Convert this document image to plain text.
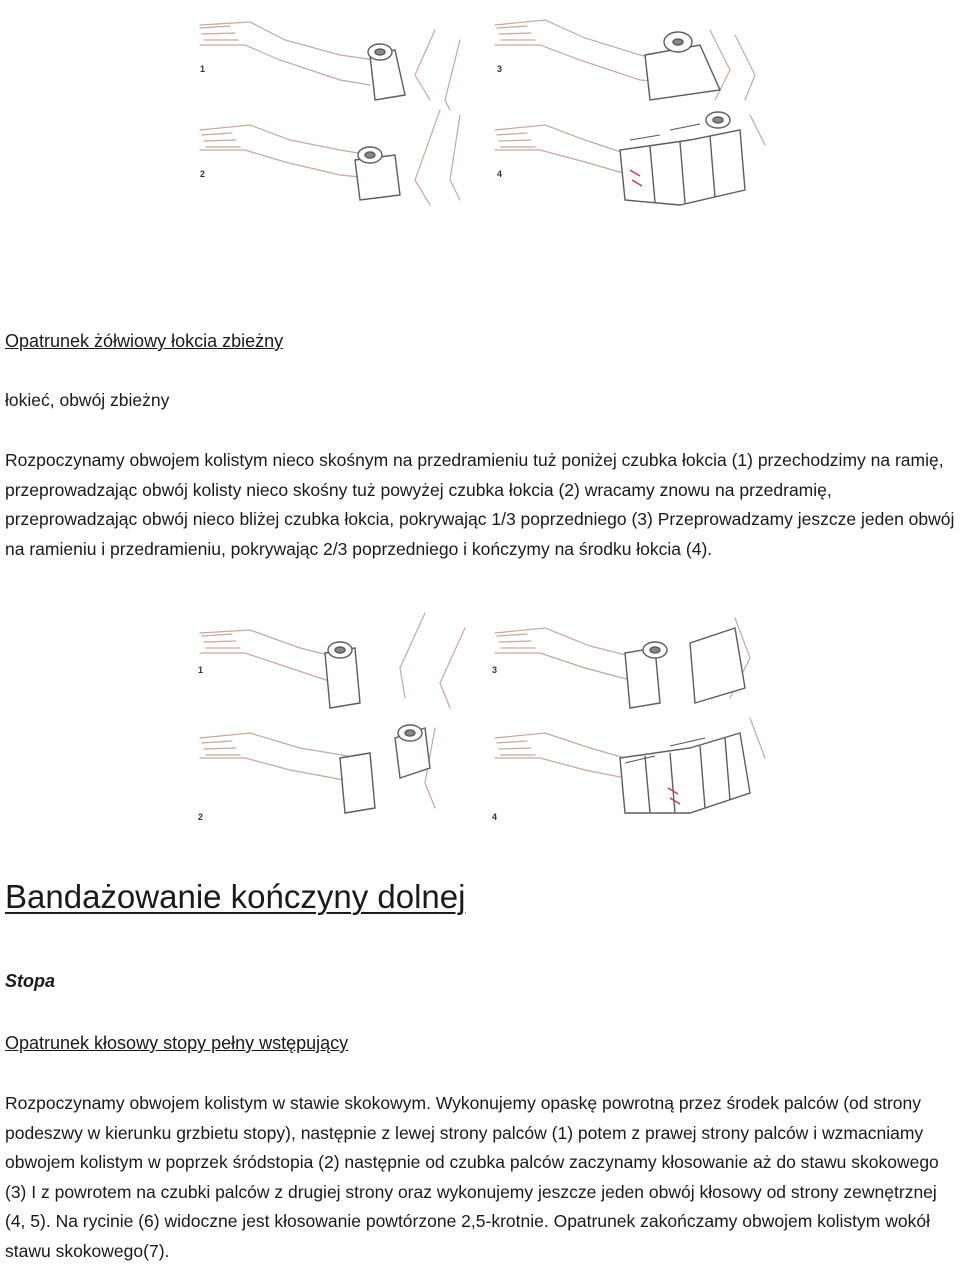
1
2
3
4

Opatrunek żółwiowy łokcia zbieżny

łokieć, obwój zbieżny

Rozpoczynamy obwojem kolistym nieco skośnym na przedramieniu tuż poniżej czubka łokcia (1) przechodzimy na ramię, przeprowadzając obwój kolisty nieco skośny tuż powyżej czubka łokcia (2) wracamy znowu na przedramię, przeprowadzając obwój nieco bliżej czubka łokcia, pokrywając 1/3 poprzedniego (3) Przeprowadzamy jeszcze jeden obwój na ramieniu i przedramieniu, pokrywając 2/3 poprzedniego i kończymy na środku łokcia (4).

1
2
3
4
Bandażowanie kończyny dolnej
Stopa

Opatrunek kłosowy stopy pełny wstępujący

Rozpoczynamy obwojem kolistym w stawie skokowym. Wykonujemy opaskę powrotną przez środek palców (od strony podeszwy w kierunku grzbietu stopy), następnie z lewej strony palców (1) potem z prawej strony palców i wzmacniamy obwojem kolistym w poprzek śródstopia (2) następnie od czubka palców zaczynamy kłosowanie aż do stawu skokowego (3) I z powrotem na czubki palców z drugiej strony oraz wykonujemy jeszcze jeden obwój kłosowy od strony zewnętrznej (4, 5). Na rycinie (6) widoczne jest kłosowanie powtórzone 2,5-krotnie. Opatrunek zakończamy obwojem kolistym wokół stawu skokowego(7).
